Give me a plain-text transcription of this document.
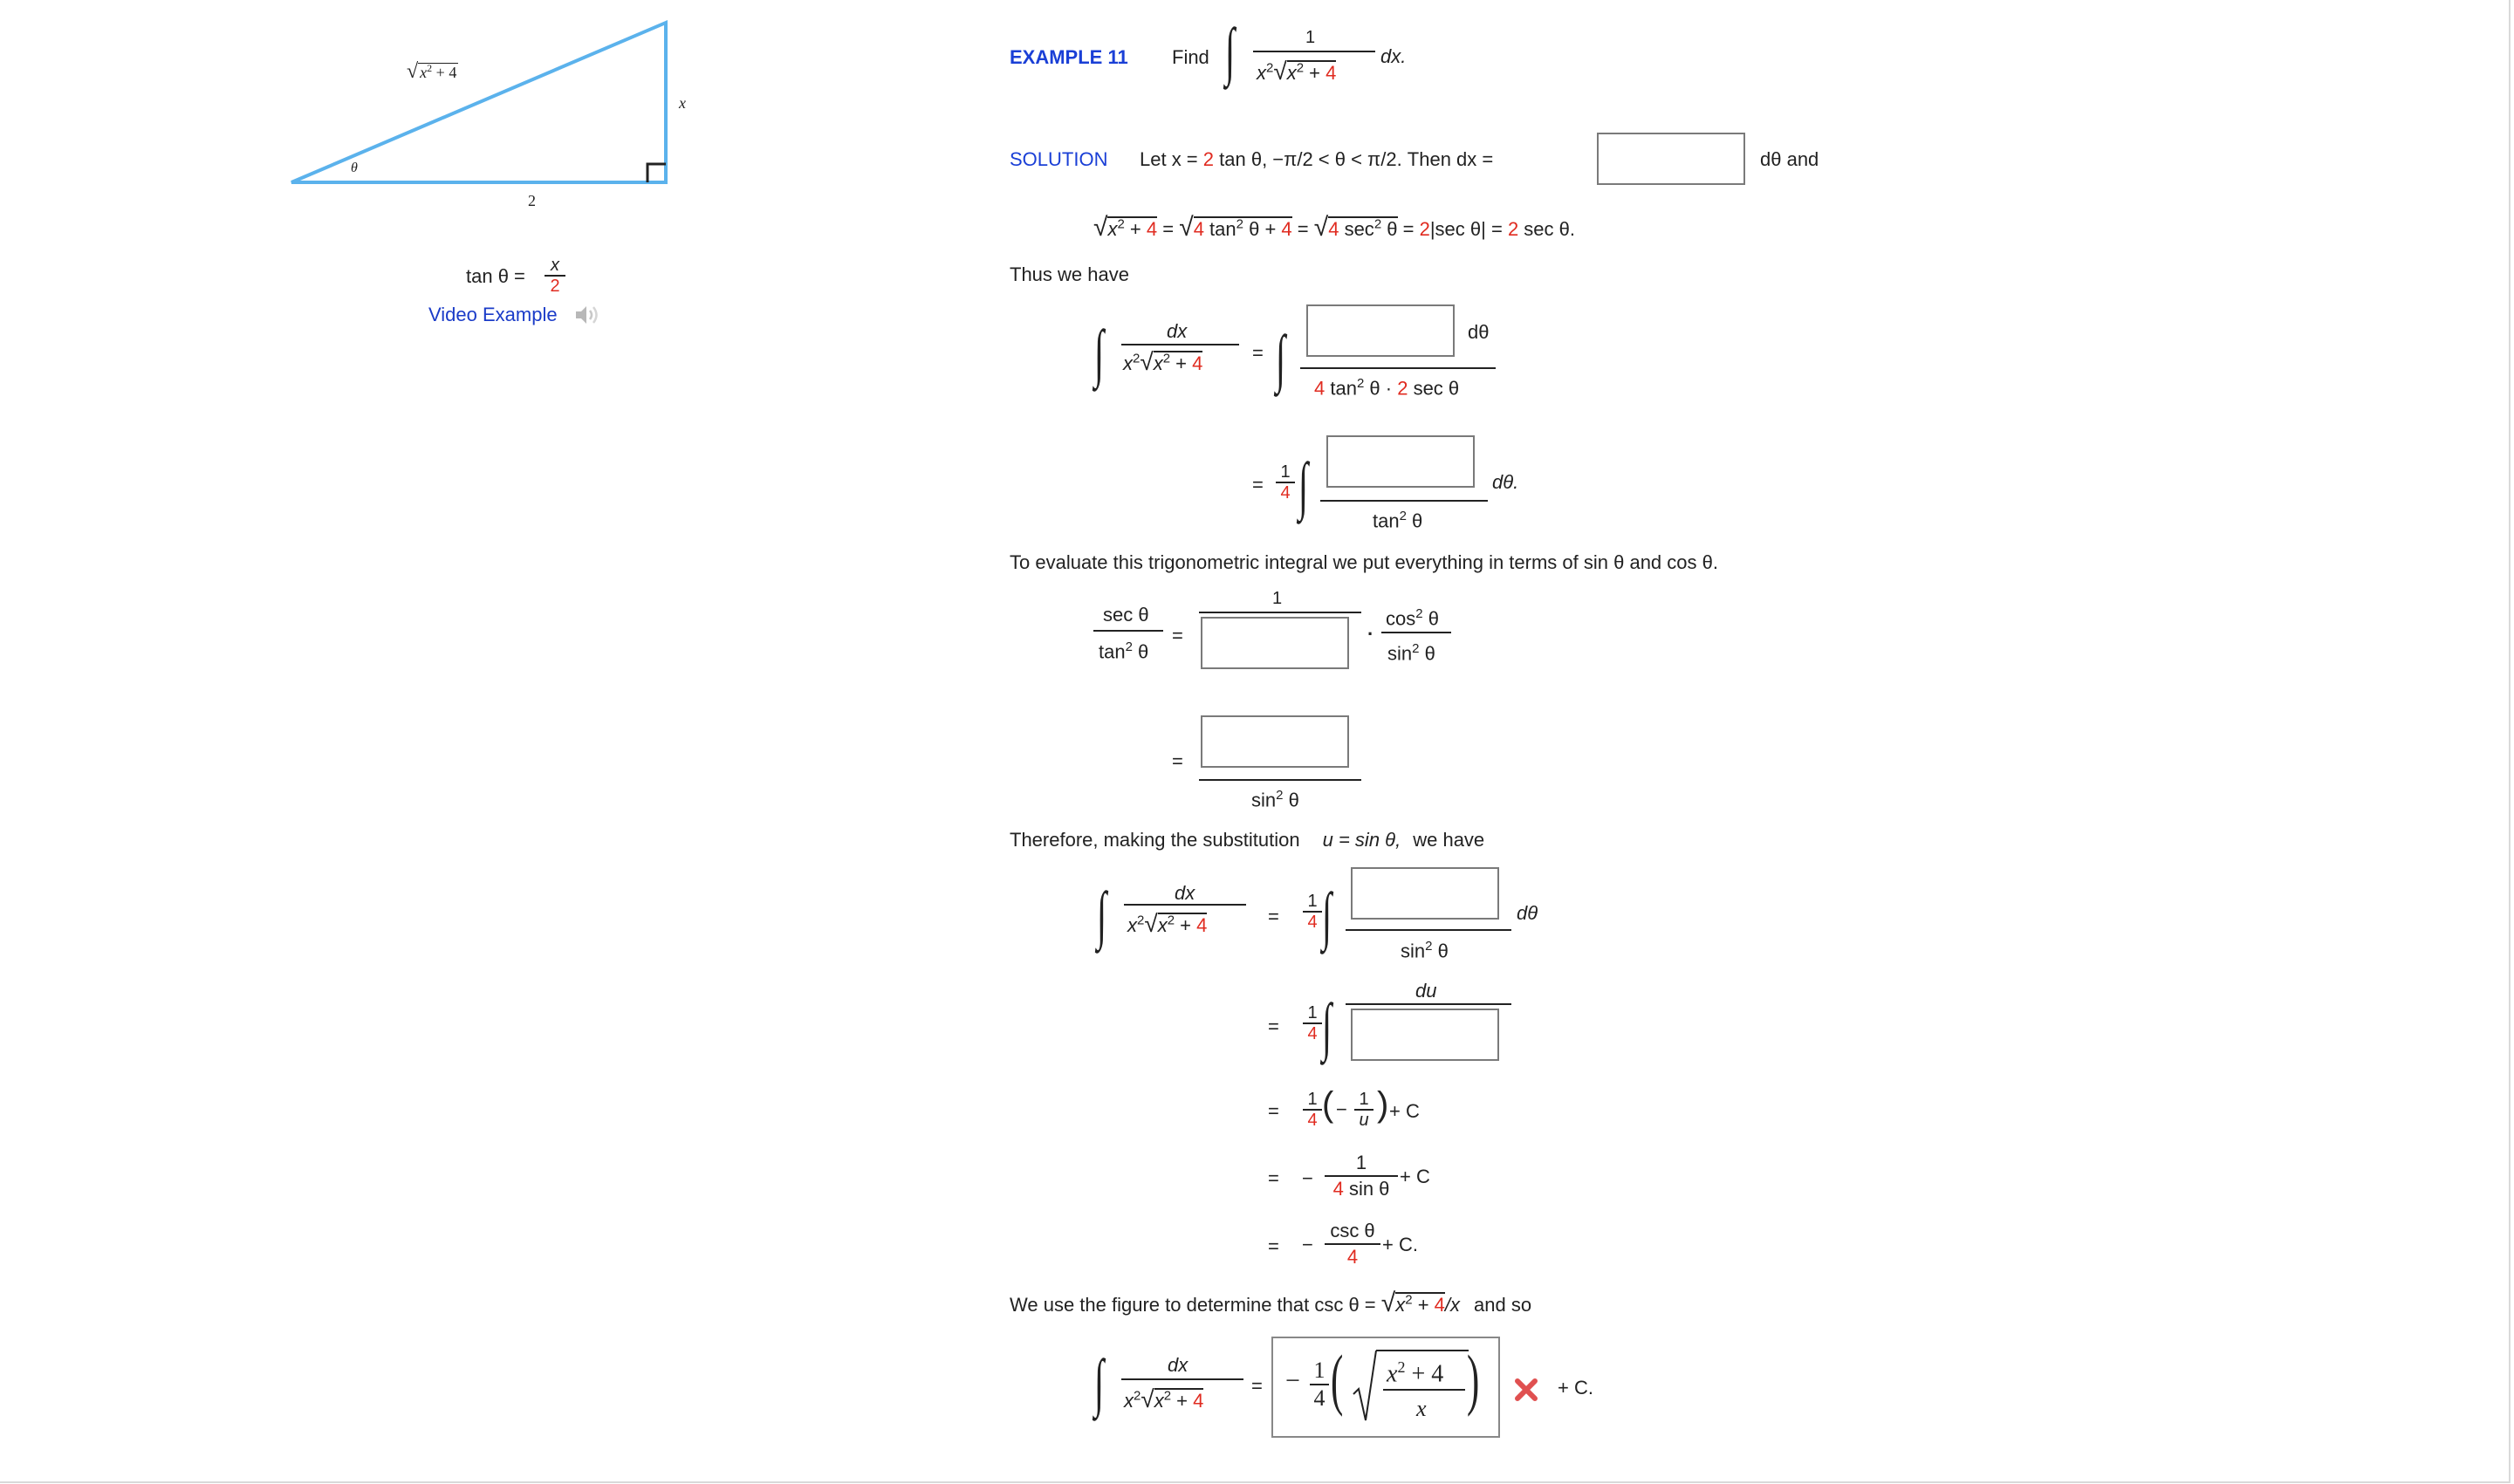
√ $x^2 + 4$
x
2
θ
tan θ =	x
2
Video Example
EXAMPLE 11 Find ∫	1
$x^2√x^2 + 4$
dx.
SOLUTION Let x = 2 tan θ, −π/2 < θ < π/2. Then dx =	dθ and
$√x^2 + 4 = √4$ $\tan^2 \theta + 4 = √4$ $\sec^2 \theta = 2|\sec$ θ| = 2 sec θ.
Thus we have
∫	dx
$x^2√x^2 + 4$	= ∫	dθ
4 $\tan^2 \theta \cdot 2$ sec θ
=
1
4 ∫	dθ.
$\tan^2 \theta$
To evaluate this trigonometric integral we put everything in terms of sin θ and cos θ.
sec θ
$\tan^2 \theta$
=
1
·
$\cos^2 \theta$
$\sin^2 \theta$
=
$\sin^2 \theta$
Therefore, making the substitution u = sin θ, we have
∫	dx
$x^2√x^2 + 4$	=
1
4 ∫	dθ
$\sin^2 \theta$
=
1
4 ∫
du
=
1
4 ( − 1
u ) + C
= −
1
4 sin θ
+ C
= −
csc θ
4
+ C.
We use the figure to determine that $\csc \theta = √x^2 + 4/x$ and so
∫	dx
$x^2√x^2 + 4$
= − 1
4 ( $x^2 + 4$
x )	+ C.
